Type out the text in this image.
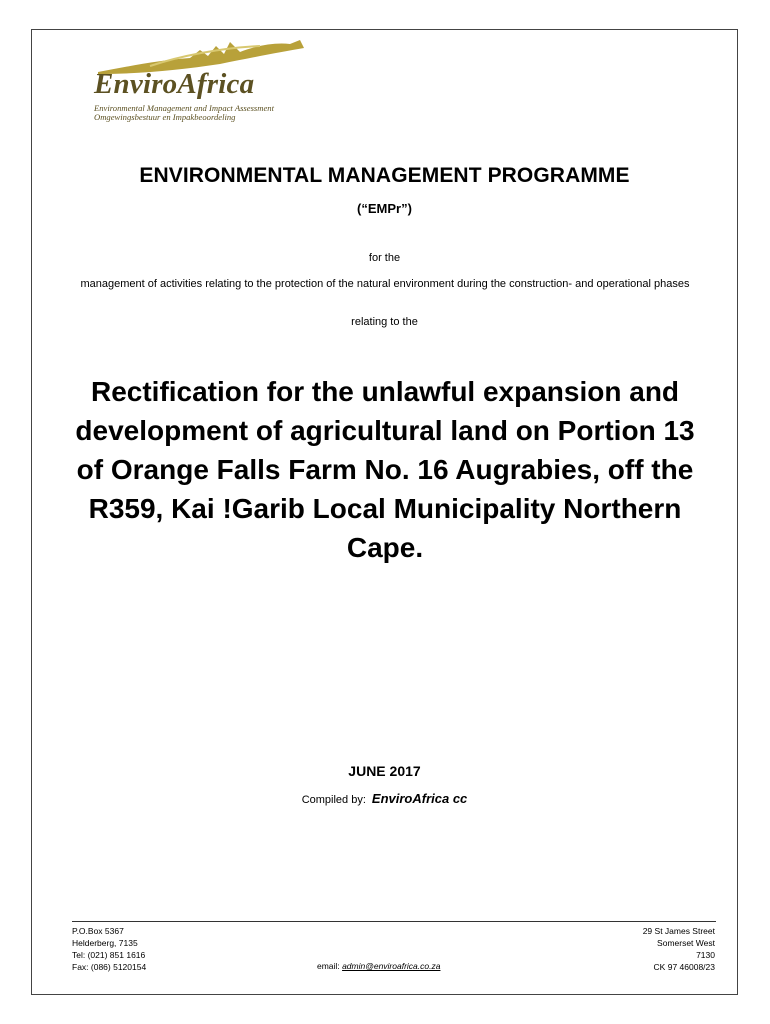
EnviroAfrica
Environmental Management and Impact Assessment
Omgewingsbestuur en Impakbeoordeling
ENVIRONMENTAL MANAGEMENT PROGRAMME
(“EMPr”)
for the
management of activities relating to the protection of the natural environment during the construction- and operational phases
relating to the
Rectification for the unlawful expansion and development of agricultural land on Portion 13 of Orange Falls Farm No. 16 Augrabies, off the R359, Kai !Garib Local Municipality Northern Cape.
JUNE 2017
Compiled by: EnviroAfrica cc
P.O.Box 5367
Helderberg, 7135
Tel: (021) 851 1616
Fax: (086) 5120154	email: admin@enviroafrica.co.za
29 St James Street
Somerset West
7130
CK 97 46008/23
